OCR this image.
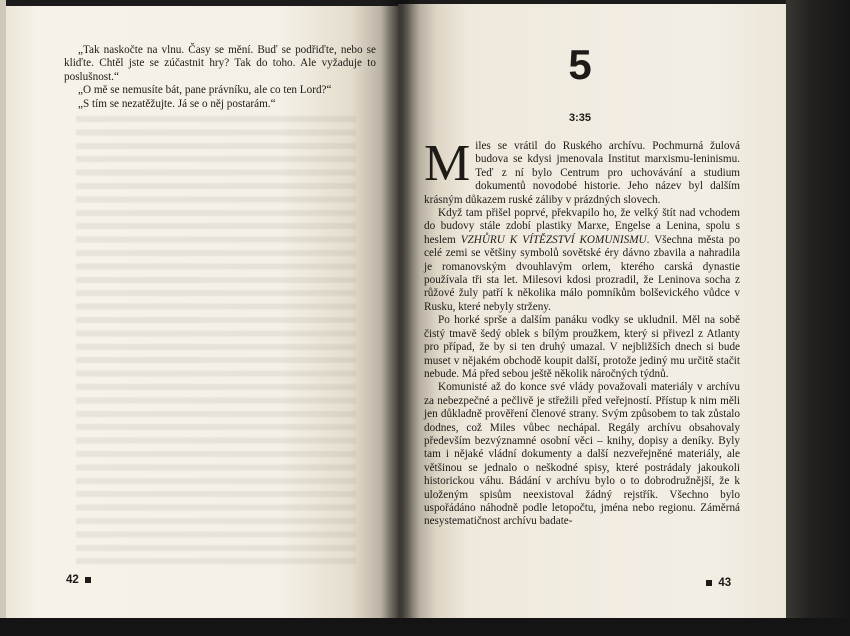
„Tak naskočte na vlnu. Časy se mění. Buď se podřiďte, nebo se kliďte. Chtěl jste se zúčastnit hry? Tak do toho. Ale vyžaduje to poslušnost.“

„O mě se nemusíte bát, pane právníku, ale co ten Lord?“

„S tím se nezatěžujte. Já se o něj postarám.“

42
5
3:35

Miles se vrátil do Ruského archívu. Pochmurná žulová budova se kdysi jmenovala Institut marxismu-leninismu. Teď z ní bylo Centrum pro uchovávání a studium dokumentů novodobé historie. Jeho název byl dalším krásným důkazem ruské záliby v prázdných slovech.

Když tam přišel poprvé, překvapilo ho, že velký štít nad vchodem do budovy stále zdobí plastiky Marxe, Engelse a Lenina, spolu s heslem VZHŮRU K VÍTĚZSTVÍ KOMUNISMU. Všechna města po celé zemi se většiny symbolů sovětské éry dávno zbavila a nahradila je romanovským dvouhlavým orlem, kterého carská dynastie používala tři sta let. Milesovi kdosi prozradil, že Leninova socha z růžové žuly patří k několika málo pomníkům bolševického vůdce v Rusku, které nebyly strženy.

Po horké sprše a dalším panáku vodky se ukludnil. Měl na sobě čistý tmavě šedý oblek s bílým proužkem, který si přivezl z Atlanty pro případ, že by si ten druhý umazal. V nejbližších dnech si bude muset v nějakém obchodě koupit další, protože jediný mu určitě stačit nebude. Má před sebou ještě několik náročných týdnů.

Komunisté až do konce své vlády považovali materiály v archívu za nebezpečné a pečlivě je střežili před veřejností. Přístup k nim měli jen důkladně prověření členové strany. Svým způsobem to tak zůstalo dodnes, což Miles vůbec nechápal. Regály archívu obsahovaly především bezvýznamné osobní věci – knihy, dopisy a deníky. Byly tam i nějaké vládní dokumenty a další nezveřejněné materiály, ale většinou se jednalo o neškodné spisy, které postrádaly jakoukoli historickou váhu. Bádání v archívu bylo o to dobrodružnější, že k uloženým spisům neexistoval žádný rejstřík. Všechno bylo uspořádáno náhodně podle letopočtu, jména nebo regionu. Záměrná nesystematičnost archívu badate-

43
